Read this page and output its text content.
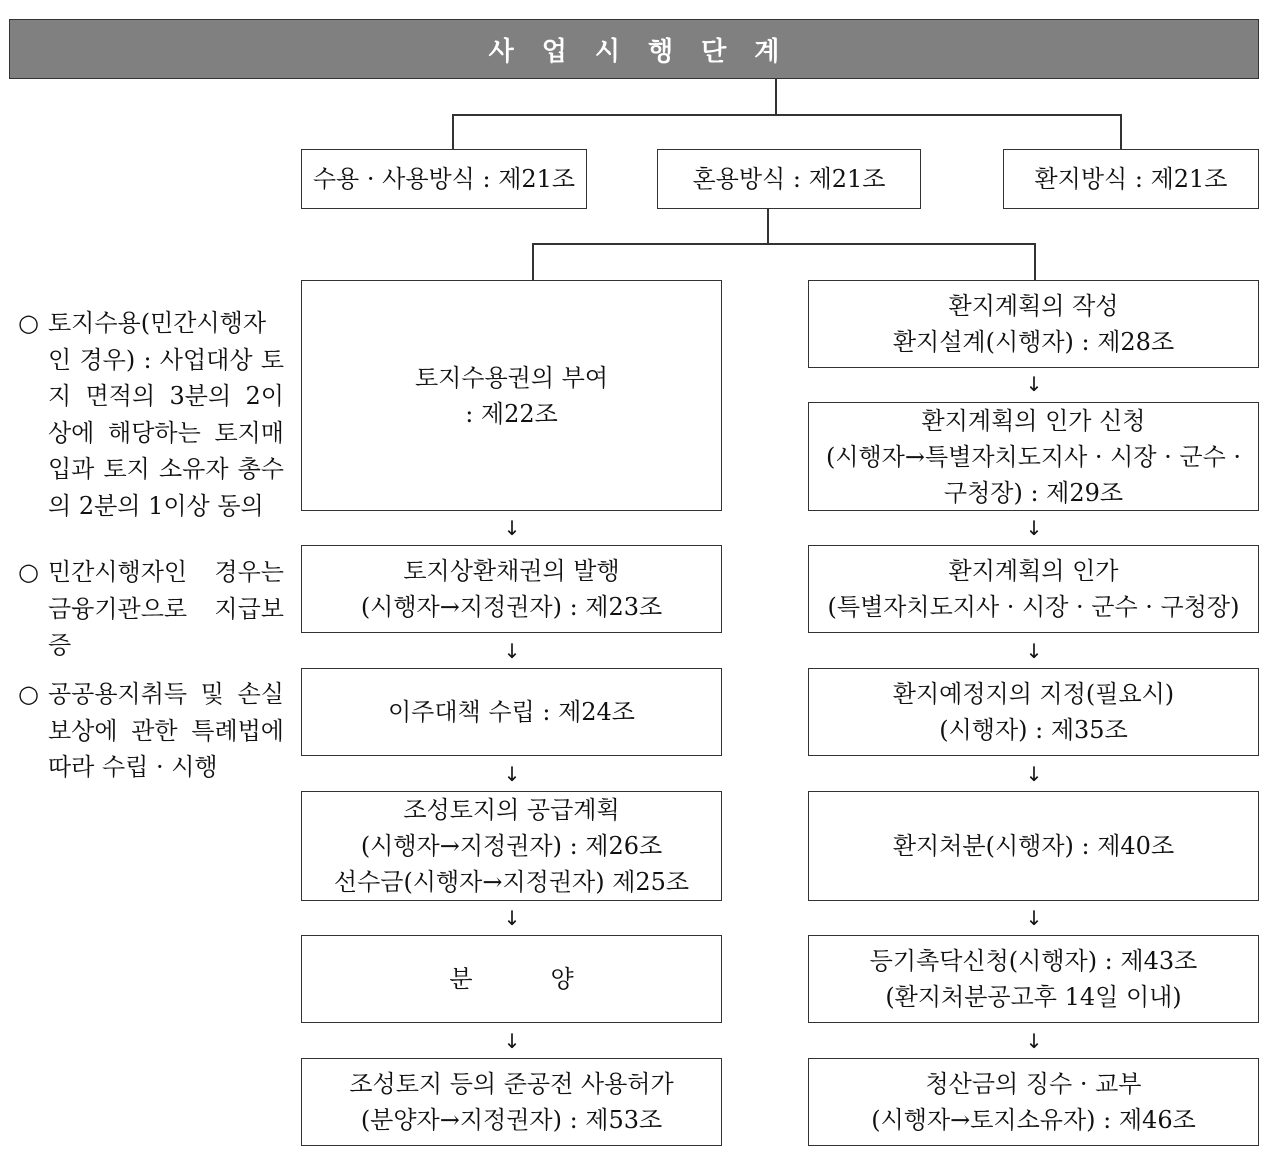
사업시행단계
수용 · 사용방식 : 제21조	혼용방식 : 제21조	환지방식 : 제21조
토지수용권의 부여
: 제22조
토지상환채권의 발행
(시행자→지정권자) : 제23조
이주대책 수립 : 제24조
조성토지의 공급계획
(시행자→지정권자) : 제26조
선수금(시행자→지정권자) 제25조
분양
조성토지 등의 준공전 사용허가
(분양자→지정권자) : 제53조
↓
↓
↓
↓
↓
환지계획의 작성
환지설계(시행자) : 제28조
환지계획의 인가 신청
(시행자→특별자치도지사 · 시장 · 군수 ·
구청장) : 제29조
환지계획의 인가
(특별자치도지사 · 시장 · 군수 · 구청장)
환지예정지의 지정(필요시)
(시행자) : 제35조
환지처분(시행자) : 제40조
등기촉닥신청(시행자) : 제43조
(환지처분공고후 14일 이내)
청산금의 징수 · 교부
(시행자→토지소유자) : 제46조
↓
↓
↓
↓
↓
↓
○ 토지수용(민간시행자인 경우) : 사업대상 토지 면적의 3분의 2이상에 해당하는 토지매입과 토지 소유자 총수의 2분의 1이상 동의
○ 민간시행자인 경우는 금융기관으로 지급보증
○ 공공용지취득 및 손실보상에 관한 특례법에 따라 수립 · 시행
